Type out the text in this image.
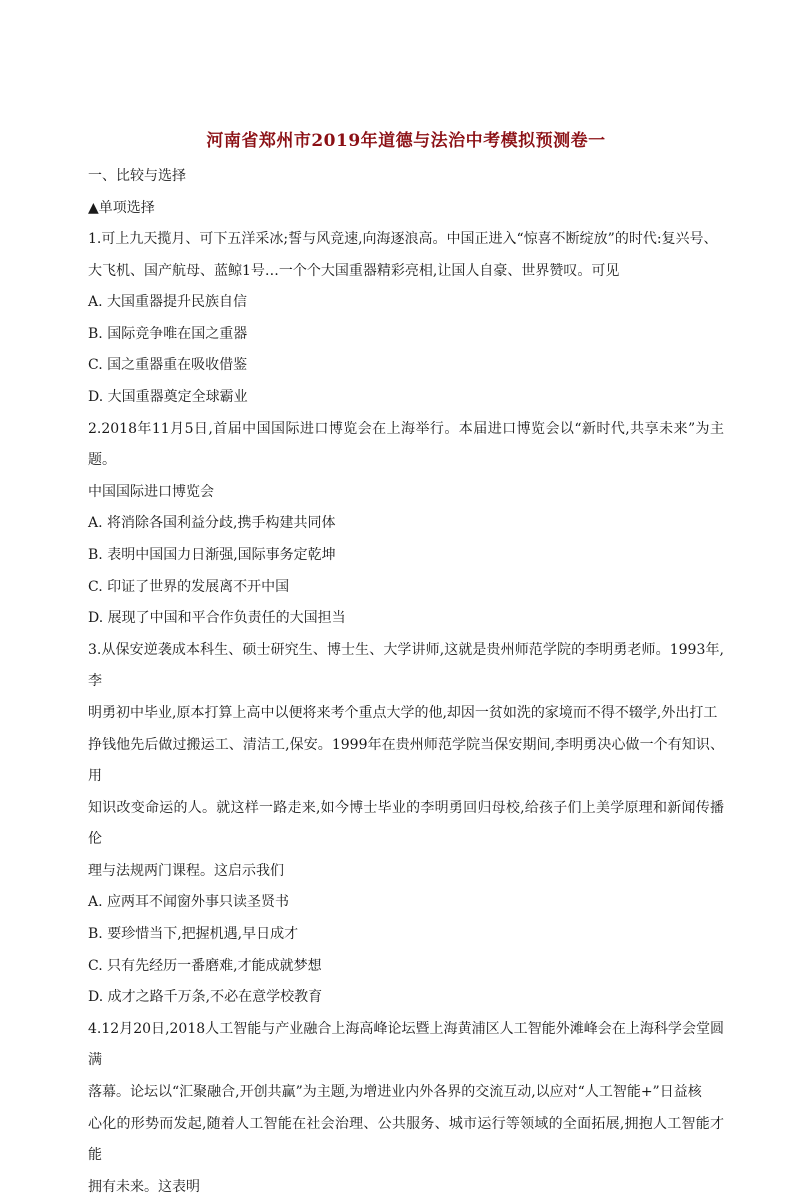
河南省郑州市2019年道德与法治中考模拟预测卷一
一、比较与选择
▲单项选择

1.可上九天揽月、可下五洋采冰;誓与风竞速,向海逐浪高。中国正进入“惊喜不断绽放”的时代:复兴号、

大飞机、国产航母、蓝鲸1号…一个个大国重器精彩亮相,让国人自豪、世界赞叹。可见

A. 大国重器提升民族自信

B. 国际竞争唯在国之重器

C. 国之重器重在吸收借鉴

D. 大国重器奠定全球霸业

2.2018年11月5日,首届中国国际进口博览会在上海举行。本届进口博览会以“新时代,共享未来”为主题。

中国国际进口博览会

A. 将消除各国利益分歧,携手构建共同体

B. 表明中国国力日渐强,国际事务定乾坤

C. 印证了世界的发展离不开中国

D. 展现了中国和平合作负责任的大国担当

3.从保安逆袭成本科生、硕士研究生、博士生、大学讲师,这就是贵州师范学院的李明勇老师。1993年,李

明勇初中毕业,原本打算上高中以便将来考个重点大学的他,却因一贫如洗的家境而不得不辍学,外出打工

挣钱他先后做过搬运工、清洁工,保安。1999年在贵州师范学院当保安期间,李明勇决心做一个有知识、用

知识改变命运的人。就这样一路走来,如今博士毕业的李明勇回归母校,给孩子们上美学原理和新闻传播伦

理与法规两门课程。这启示我们

A. 应两耳不闻窗外事只读圣贤书

B. 要珍惜当下,把握机遇,早日成才

C. 只有先经历一番磨难,才能成就梦想

D. 成才之路千万条,不必在意学校教育

4.12月20日,2018人工智能与产业融合上海高峰论坛暨上海黄浦区人工智能外滩峰会在上海科学会堂圆满

落幕。论坛以“汇聚融合,开创共赢”为主题,为增进业内外各界的交流互动,以应对“人工智能+”日益核

心化的形势而发起,随着人工智能在社会治理、公共服务、城市运行等领域的全面拓展,拥抱人工智能才能

拥有未来。这表明
